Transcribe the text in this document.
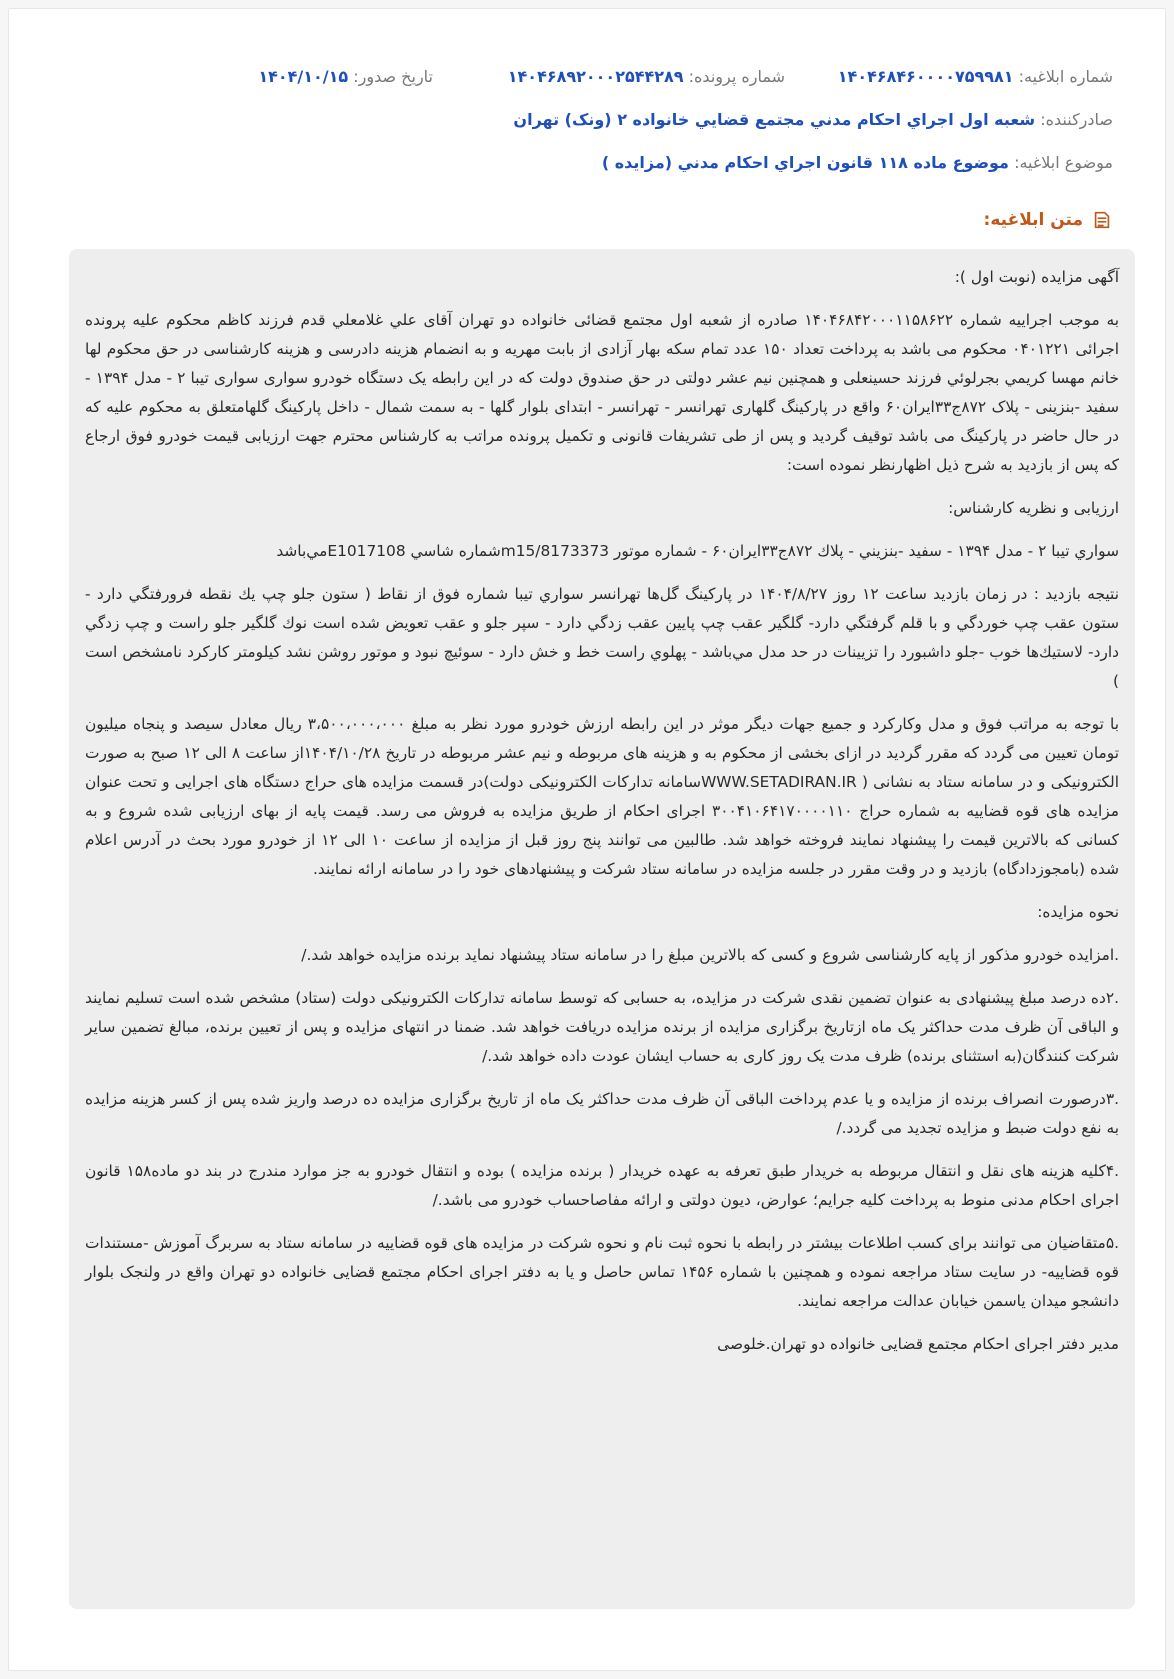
شماره ابلاغيه: ۱۴۰۴۶۸۴۶۰۰۰۰۷۵۹۹۸۱
شماره پرونده: ۱۴۰۴۶۸۹۲۰۰۰۲۵۴۴۲۸۹
تاريخ صدور: ۱۴۰۴/۱۰/۱۵
صادرکننده: شعبه اول اجراي احکام مدني مجتمع قضايي خانواده ۲ (ونک) تهران
موضوع ابلاغيه: موضوع ماده ۱۱۸ قانون اجراي احكام مدني (مزايده )
متن ابلاغيه:

آگهی مزایده (نوبت اول ):

به موجب اجراییه شماره ۱۴۰۴۶۸۴۲۰۰۰۱۱۵۸۶۲۲ صادره از شعبه اول مجتمع قضائی خانواده دو تهران آقای علي غلامعلي قدم فرزند كاظم محكوم علیه پرونده اجرائی ۰۴۰۱۲۲۱ محکوم می باشد به پرداخت تعداد ۱۵۰ عدد تمام سكه بهار آزادی از بابت مهریه و به انضمام هزینه دادرسی و هزینه کارشناسی در حق محکوم لها خانم مهسا كريمي بجرلوئي فرزند حسینعلی و همچنین نیم عشر دولتی در حق صندوق دولت که در این رابطه یک دستگاه خودرو سواری سواری تیبا ۲ - مدل ۱۳۹۴ - سفید -بنزینی - پلاک ۸۷۲ج۳۳ایران۶۰ واقع در پارکینگ گلهاری تهرانسر - تهرانسر - ابتدای بلوار گلها - به سمت شمال - داخل پارکینگ گلهامتعلق به محكوم علیه که در حال حاضر در پارکینگ می باشد توقیف گردید و پس از طی تشریفات قانونی و تکمیل پرونده مراتب به کارشناس محترم جهت ارزیابی قیمت خودرو فوق ارجاع که پس از بازدید به شرح ذیل اظهارنظر نموده است:

ارزیابی و نظریه کارشناس:

سواري تيبا ۲ - مدل ۱۳۹۴ - سفيد -بنزيني - پلاك ۸۷۲ج۳۳ايران۶۰ - شماره موتور m15/8173373شماره شاسي E1017108مي‌باشد

نتيجه بازديد : در زمان بازديد ساعت ۱۲ روز ۱۴۰۴/۸/۲۷ در پاركينگ گل‌ها تهرانسر سواري تيبا شماره فوق از نقاط ( ستون جلو چپ يك نقطه فرورفتگي دارد - ستون عقب چپ خوردگي و با قلم گرفتگي دارد- گلگير عقب چپ پايين عقب زدگي دارد - سپر جلو و عقب تعويض شده است نوك گلگير جلو راست و چپ زدگي دارد- لاستيك‌ها خوب -جلو داشبورد را تزيينات در حد مدل مي‌باشد - پهلوي راست خط و خش دارد - سوئيچ نبود و موتور روشن نشد كيلومتر كاركرد نامشخص است )

با توجه به مراتب فوق و مدل وکارکرد و جمیع جهات دیگر موثر در این رابطه ارزش خودرو مورد نظر به مبلغ ۳،۵۰۰،۰۰۰،۰۰۰ ریال معادل سیصد و پنجاه میلیون تومان تعیین می گردد که مقرر گردید در ازای بخشی از محکوم به و هزینه های مربوطه و نیم عشر مربوطه در تاریخ ۱۴۰۴/۱۰/۲۸از ساعت ۸ الی ۱۲ صبح به صورت الکترونیکی و در سامانه ستاد به نشانی ( WWW.SETADIRAN.IRسامانه تدارکات الکترونیکی دولت)در قسمت مزایده های حراج دستگاه های اجرایی و تحت عنوان مزایده های قوه قضاییه به شماره حراج ۳۰۰۴۱۰۶۴۱۷۰۰۰۰۱۱۰ اجرای احکام از طریق مزایده به فروش می رسد. قیمت پایه از بهای ارزیابی شده شروع و به کسانی که بالاترین قیمت را پیشنهاد نمایند فروخته خواهد شد. طالبین می توانند پنج روز قبل از مزایده از ساعت ۱۰ الی ۱۲ از خودرو مورد بحث در آدرس اعلام شده (بامجوزدادگاه) بازدید و در وقت مقرر در جلسه مزایده در سامانه ستاد شرکت و پیشنهادهای خود را در سامانه ارائه نمایند.

نحوه مزایده:

.امزایده خودرو مذکور از پایه کارشناسی شروع و کسی که بالاترین مبلغ را در سامانه ستاد پیشنهاد نماید برنده مزایده خواهد شد./

.۲ده درصد مبلغ پیشنهادی به عنوان تضمین نقدی شرکت در مزایده، به حسابی که توسط سامانه تدارکات الکترونیکی دولت (ستاد) مشخص شده است تسلیم نمایند و الباقی آن ظرف مدت حداکثر یک ماه ازتاریخ برگزاری مزایده از برنده مزایده دریافت خواهد شد. ضمنا در انتهای مزایده و پس از تعیین برنده، مبالغ تضمین سایر شرکت کنندگان(به استثنای برنده) ظرف مدت یک روز کاری به حساب ایشان عودت داده خواهد شد./

.۳درصورت انصراف برنده از مزایده و یا عدم پرداخت الباقی آن ظرف مدت حداکثر یک ماه از تاریخ برگزاری مزایده ده درصد واریز شده پس از کسر هزینه مزایده به نفع دولت ضبط و مزایده تجدید می گردد./

.۴کلیه هزینه های نقل و انتقال مربوطه به خریدار طبق تعرفه به عهده خریدار ( برنده مزایده ) بوده و انتقال خودرو به جز موارد مندرج در بند دو ماده۱۵۸ قانون اجرای احکام مدنی منوط به پرداخت کلیه جرایم؛ عوارض، دیون دولتی و ارائه مفاصاحساب خودرو می باشد./

.۵متقاضیان می توانند برای کسب اطلاعات بیشتر در رابطه با نحوه ثبت نام و نحوه شرکت در مزایده های قوه قضاییه در سامانه ستاد به سربرگ آموزش -مستندات قوه قضاییه- در سایت ستاد مراجعه نموده و همچنین با شماره ۱۴۵۶ تماس حاصل و یا به دفتر اجرای احکام مجتمع قضایی خانواده دو تهران واقع در ولنجک بلوار دانشجو میدان یاسمن خیابان عدالت مراجعه نمایند.

مدیر دفتر اجرای احکام مجتمع قضایی خانواده دو تهران.خلوصی
